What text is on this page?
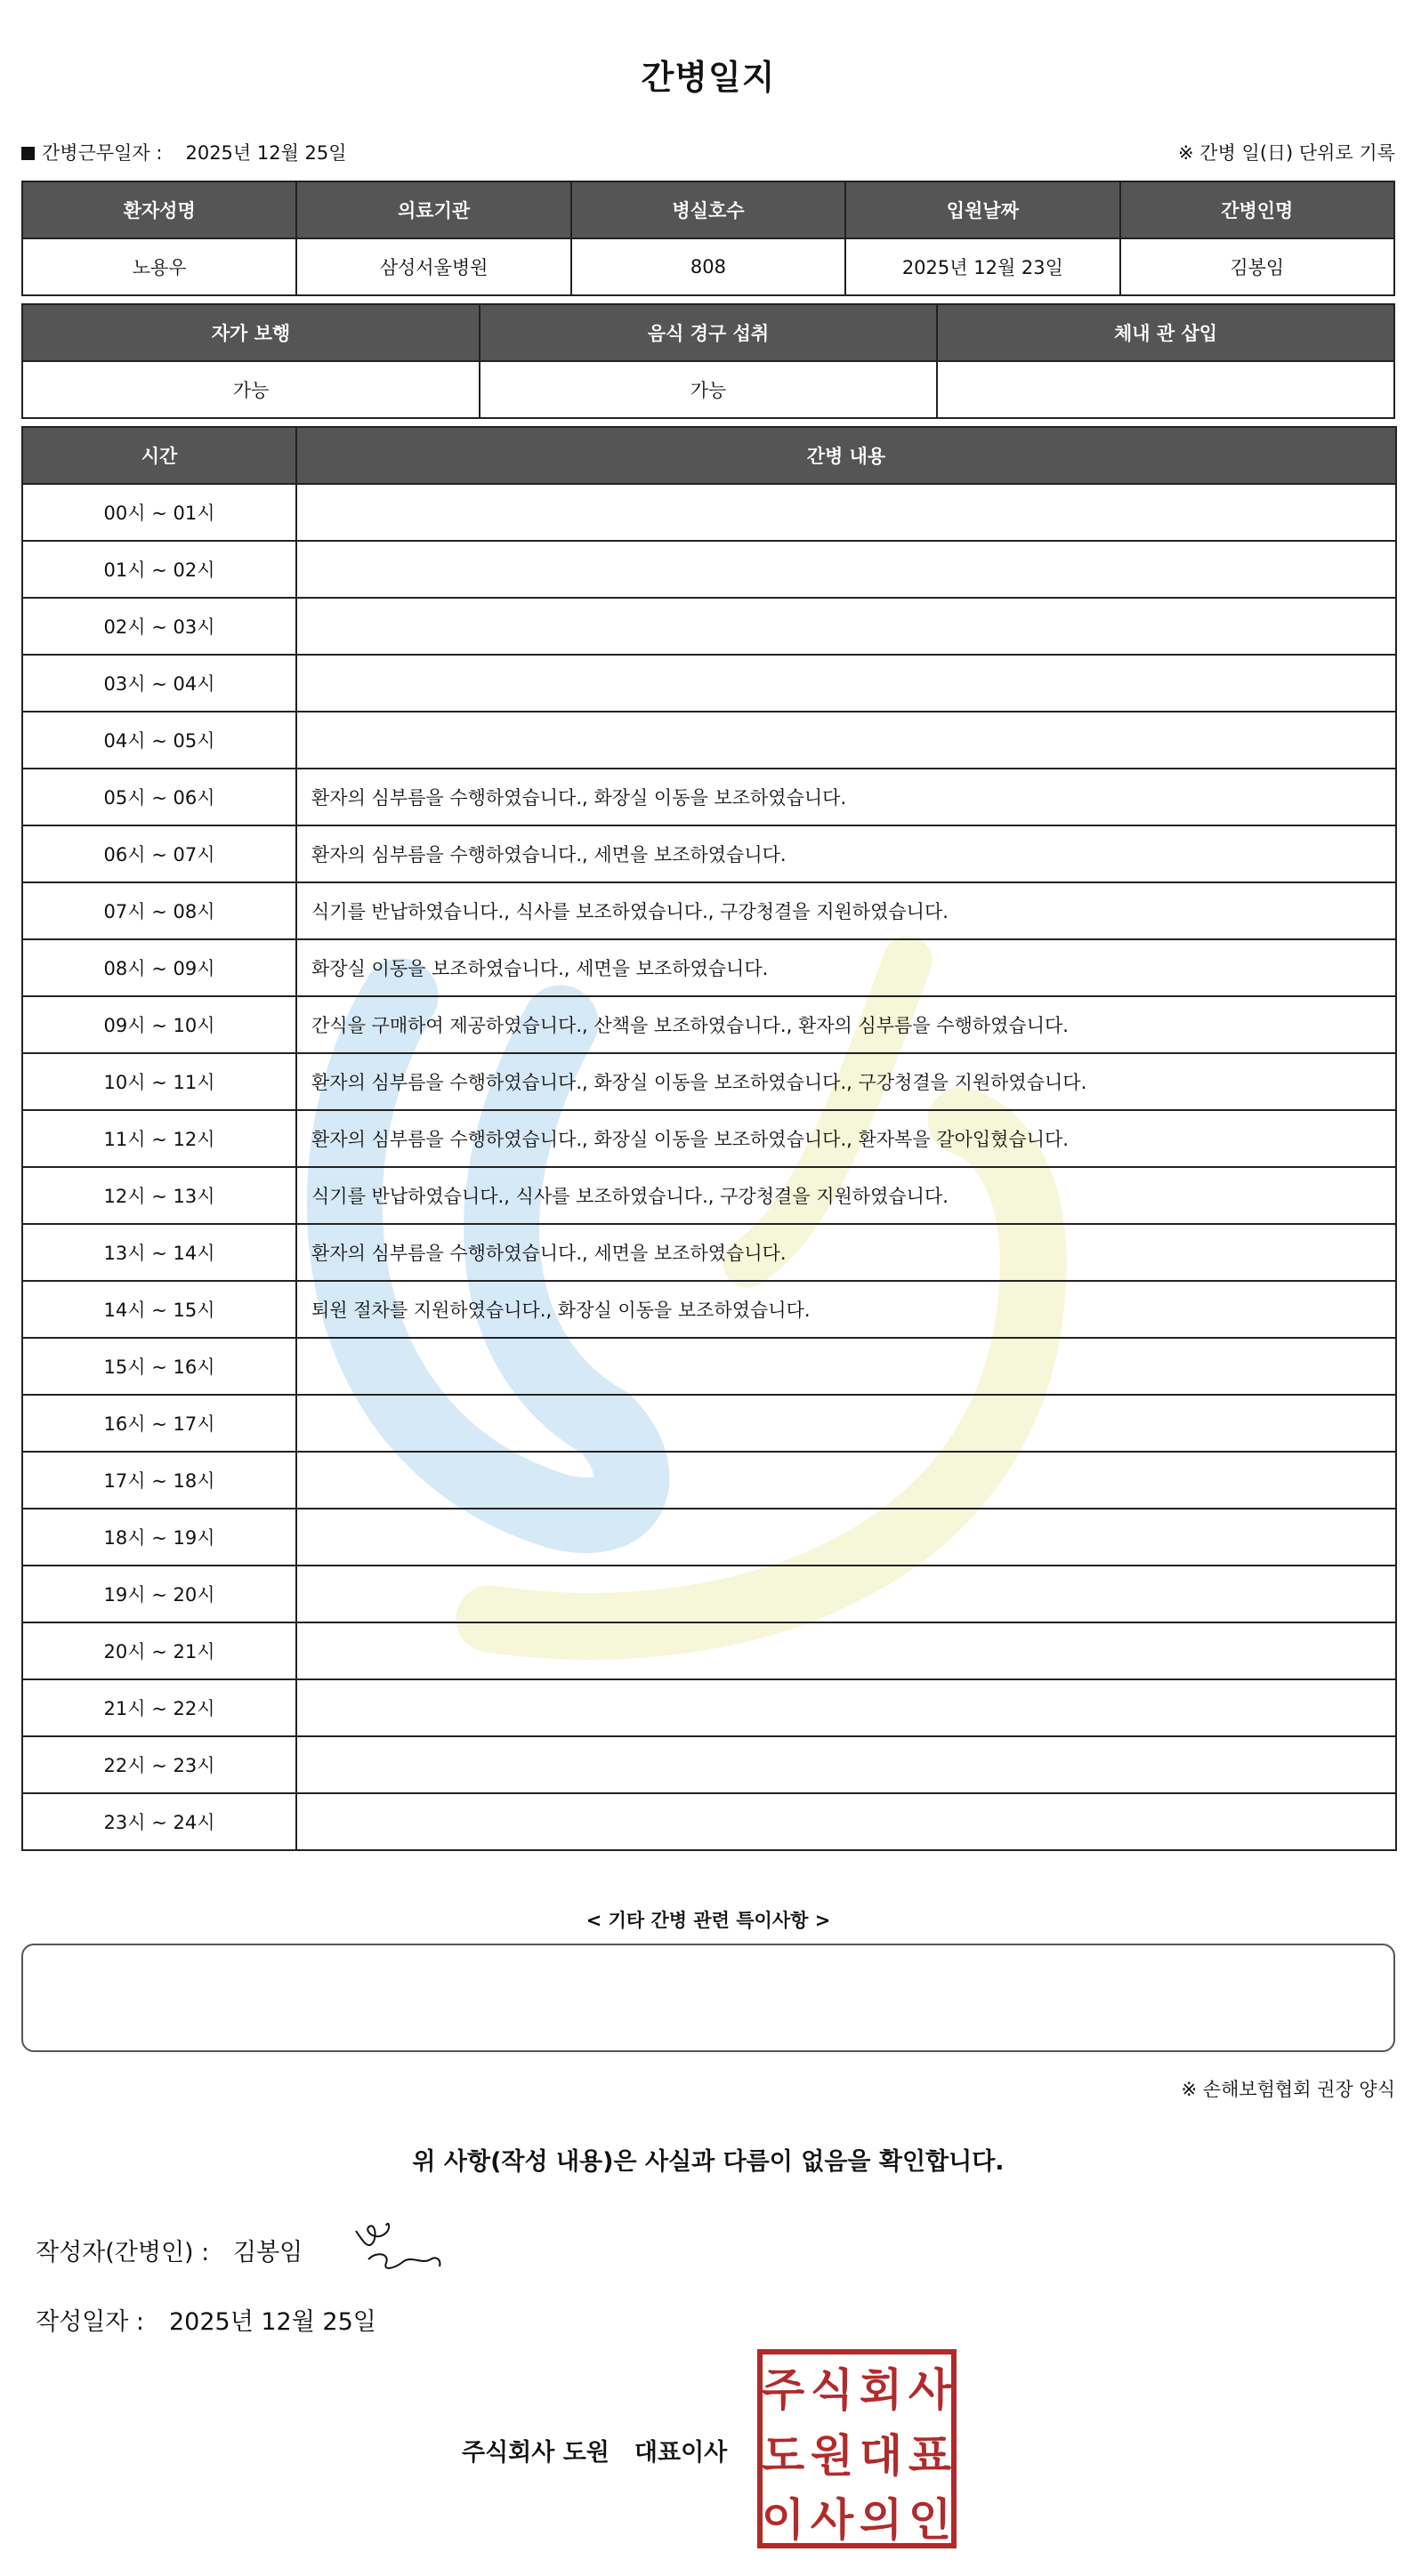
간병일지
간병근무일자 : 2025년 12월 25일	※ 간병 일(日) 단위로 기록
환자성명	의료기관	병실호수	입원날짜	간병인명
노용우	삼성서울병원	808	2025년 12월 23일	김봉임
자가 보행	음식 경구 섭취	체내 관 삽입
가능	가능	
시간	간병 내용
00시 ~ 01시	
01시 ~ 02시	
02시 ~ 03시	
03시 ~ 04시	
04시 ~ 05시	
05시 ~ 06시	환자의 심부름을 수행하였습니다., 화장실 이동을 보조하였습니다.
06시 ~ 07시	환자의 심부름을 수행하였습니다., 세면을 보조하였습니다.
07시 ~ 08시	식기를 반납하였습니다., 식사를 보조하였습니다., 구강청결을 지원하였습니다.
08시 ~ 09시	화장실 이동을 보조하였습니다., 세면을 보조하였습니다.
09시 ~ 10시	간식을 구매하여 제공하였습니다., 산책을 보조하였습니다., 환자의 심부름을 수행하였습니다.
10시 ~ 11시	환자의 심부름을 수행하였습니다., 화장실 이동을 보조하였습니다., 구강청결을 지원하였습니다.
11시 ~ 12시	환자의 심부름을 수행하였습니다., 화장실 이동을 보조하였습니다., 환자복을 갈아입혔습니다.
12시 ~ 13시	식기를 반납하였습니다., 식사를 보조하였습니다., 구강청결을 지원하였습니다.
13시 ~ 14시	환자의 심부름을 수행하였습니다., 세면을 보조하였습니다.
14시 ~ 15시	퇴원 절차를 지원하였습니다., 화장실 이동을 보조하였습니다.
15시 ~ 16시	
16시 ~ 17시	
17시 ~ 18시	
18시 ~ 19시	
19시 ~ 20시	
20시 ~ 21시	
21시 ~ 22시	
22시 ~ 23시	
23시 ~ 24시	
< 기타 간병 관련 특이사항 >
※ 손해보험협회 권장 양식
위 사항(작성 내용)은 사실과 다름이 없음을 확인합니다.
작성자(간병인) : 김봉임
작성일자 : 2025년 12월 25일
주식회사 도원 대표이사
주 식 회 사
도 원 대 표
이 사 의 인
